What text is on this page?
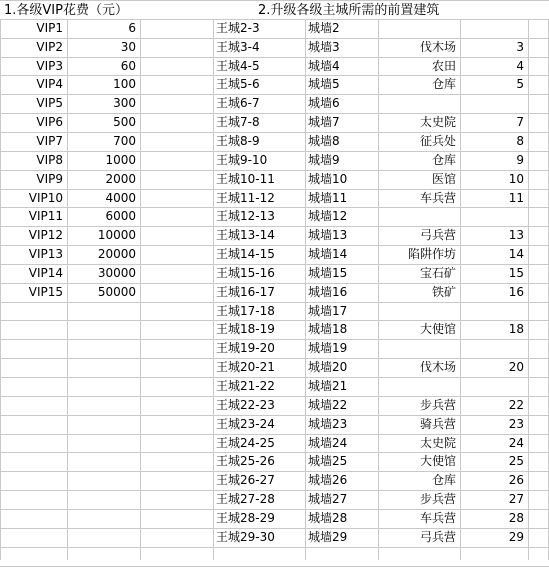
1.各级VIP花费（元）	2.升级各级主城所需的前置建筑
VIP1	6
VIP2	30
VIP3	60
VIP4	100
VIP5	300
VIP6	500
VIP7	700
VIP8	1000
VIP9	2000
VIP10	4000
VIP11	6000
VIP12	10000
VIP13	20000
VIP14	30000
VIP15	50000
王城2-3	城墙2
王城3-4	城墙3	伐木场	3
王城4-5	城墙4	农田	4
王城5-6	城墙5	仓库	5
王城6-7	城墙6
王城7-8	城墙7	太史院	7
王城8-9	城墙8	征兵处	8
王城9-10	城墙9	仓库	9
王城10-11	城墙10	医馆	10
王城11-12	城墙11	车兵营	11
王城12-13	城墙12
王城13-14	城墙13	弓兵营	13
王城14-15	城墙14	陷阱作坊	14
王城15-16	城墙15	宝石矿	15
王城16-17	城墙16	铁矿	16
王城17-18	城墙17
王城18-19	城墙18	大使馆	18
王城19-20	城墙19
王城20-21	城墙20	伐木场	20
王城21-22	城墙21
王城22-23	城墙22	步兵营	22
王城23-24	城墙23	骑兵营	23
王城24-25	城墙24	太史院	24
王城25-26	城墙25	大使馆	25
王城26-27	城墙26	仓库	26
王城27-28	城墙27	步兵营	27
王城28-29	城墙28	车兵营	28
王城29-30	城墙29	弓兵营	29
